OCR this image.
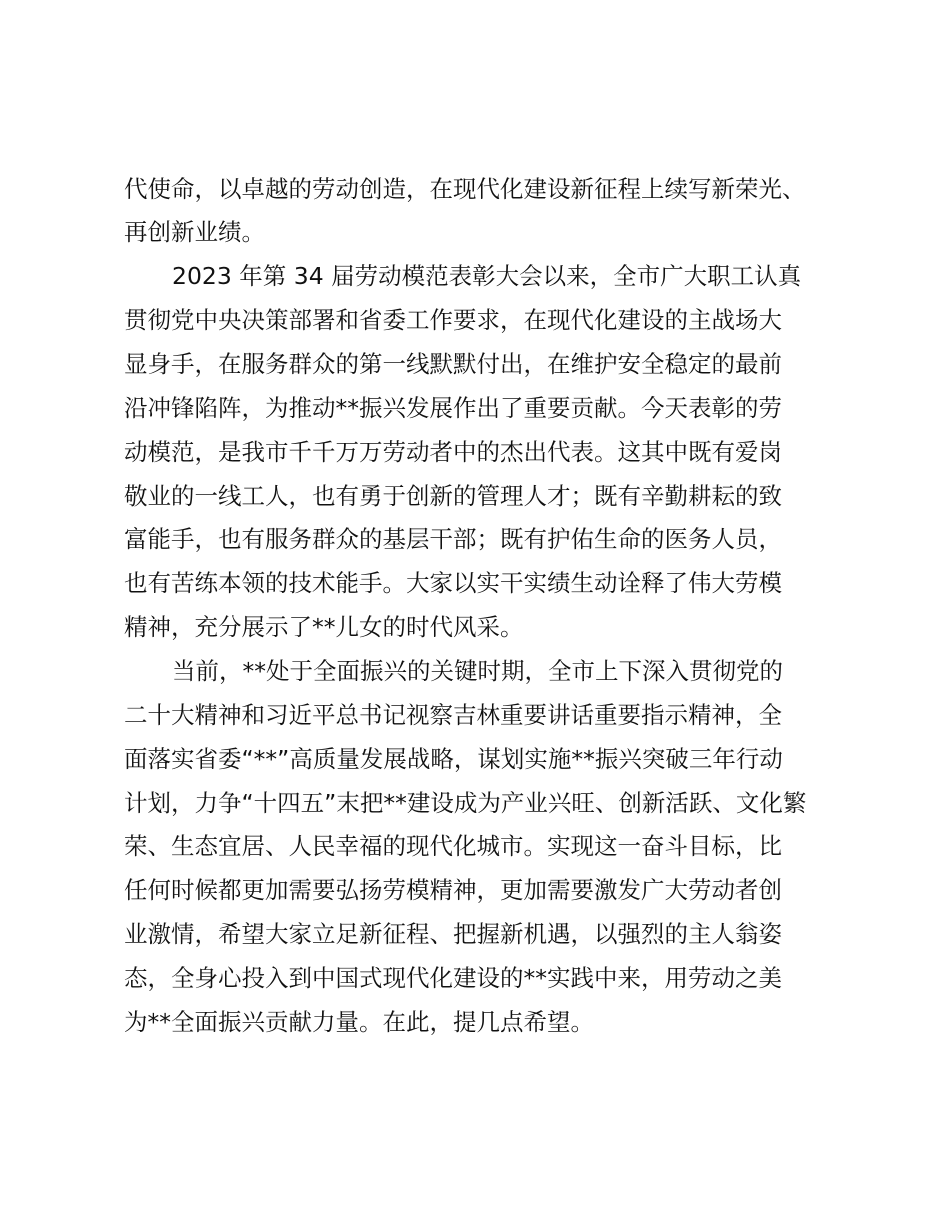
代使命，以卓越的劳动创造，在现代化建设新征程上续写新荣光、
再创新业绩。
2023 年第 34 届劳动模范表彰大会以来，全市广大职工认真
贯彻党中央决策部署和省委工作要求，在现代化建设的主战场大
显身手，在服务群众的第一线默默付出，在维护安全稳定的最前
沿冲锋陷阵，为推动**振兴发展作出了重要贡献。今天表彰的劳
动模范，是我市千千万万劳动者中的杰出代表。这其中既有爱岗
敬业的一线工人，也有勇于创新的管理人才；既有辛勤耕耘的致
富能手，也有服务群众的基层干部；既有护佑生命的医务人员，
也有苦练本领的技术能手。大家以实干实绩生动诠释了伟大劳模
精神，充分展示了**儿女的时代风采。
当前，**处于全面振兴的关键时期，全市上下深入贯彻党的
二十大精神和习近平总书记视察吉林重要讲话重要指示精神，全
面落实省委“**”高质量发展战略，谋划实施**振兴突破三年行动
计划，力争“十四五”末把**建设成为产业兴旺、创新活跃、文化繁
荣、生态宜居、人民幸福的现代化城市。实现这一奋斗目标，比
任何时候都更加需要弘扬劳模精神，更加需要激发广大劳动者创
业激情，希望大家立足新征程、把握新机遇，以强烈的主人翁姿
态，全身心投入到中国式现代化建设的**实践中来，用劳动之美
为**全面振兴贡献力量。在此，提几点希望。
